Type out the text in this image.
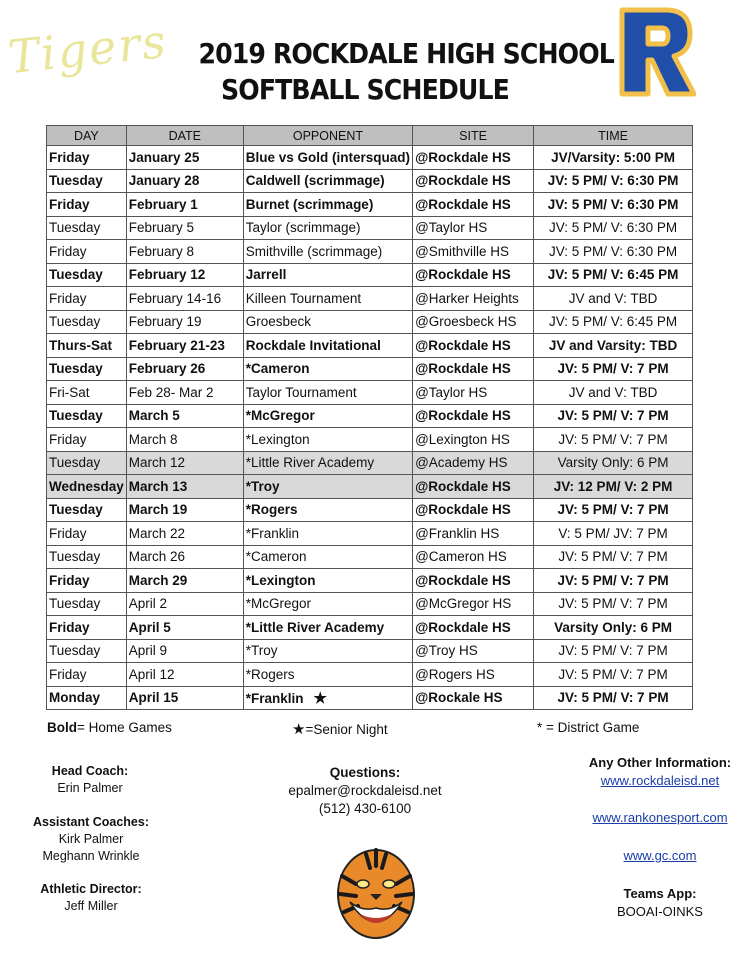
Tigers 2019 ROCKDALE HIGH SCHOOL
SOFTBALL SCHEDULE
DAY	DATE	OPPONENT	SITE	TIME
Friday	January 25	Blue vs Gold (intersquad)	@Rockdale HS	JV/Varsity: 5:00 PM
Tuesday	January 28	Caldwell (scrimmage)	@Rockdale HS	JV: 5 PM/ V: 6:30 PM
Friday	February 1	Burnet (scrimmage)	@Rockdale HS	JV: 5 PM/ V: 6:30 PM
Tuesday	February 5	Taylor (scrimmage)	@Taylor HS	JV: 5 PM/ V: 6:30 PM
Friday	February 8	Smithville (scrimmage)	@Smithville HS	JV: 5 PM/ V: 6:30 PM
Tuesday	February 12	Jarrell	@Rockdale HS	JV: 5 PM/ V: 6:45 PM
Friday	February 14-16	Killeen Tournament	@Harker Heights	JV and V: TBD
Tuesday	February 19	Groesbeck	@Groesbeck HS	JV: 5 PM/ V: 6:45 PM
Thurs-Sat	February 21-23	Rockdale Invitational	@Rockdale HS	JV and Varsity: TBD
Tuesday	February 26	*Cameron	@Rockdale HS	JV: 5 PM/ V: 7 PM
Fri-Sat	Feb 28- Mar 2	Taylor Tournament	@Taylor HS	JV and V: TBD
Tuesday	March 5	*McGregor	@Rockdale HS	JV: 5 PM/ V: 7 PM
Friday	March 8	*Lexington	@Lexington HS	JV: 5 PM/ V: 7 PM
Tuesday	March 12	*Little River Academy	@Academy HS	Varsity Only: 6 PM
Wednesday	March 13	*Troy	@Rockdale HS	JV: 12 PM/ V: 2 PM
Tuesday	March 19	*Rogers	@Rockdale HS	JV: 5 PM/ V: 7 PM
Friday	March 22	*Franklin	@Franklin HS	V: 5 PM/ JV: 7 PM
Tuesday	March 26	*Cameron	@Cameron HS	JV: 5 PM/ V: 7 PM
Friday	March 29	*Lexington	@Rockdale HS	JV: 5 PM/ V: 7 PM
Tuesday	April 2	*McGregor	@McGregor HS	JV: 5 PM/ V: 7 PM
Friday	April 5	*Little River Academy	@Rockdale HS	Varsity Only: 6 PM
Tuesday	April 9	*Troy	@Troy HS	JV: 5 PM/ V: 7 PM
Friday	April 12	*Rogers	@Rogers HS	JV: 5 PM/ V: 7 PM
Monday	April 15	*Franklin ★	@Rockale HS	JV: 5 PM/ V: 7 PM
Bold= Home Games	★=Senior Night	* = District Game
Head Coach:
Erin Palmer
Assistant Coaches:
Kirk Palmer
Meghann Wrinkle
Athletic Director:
Jeff Miller
Questions:
epalmer@rockdaleisd.net
(512) 430-6100
Any Other Information:
www.rockdaleisd.net
www.rankonesport.com
www.gc.com
Teams App:
BOOAI-OINKS
